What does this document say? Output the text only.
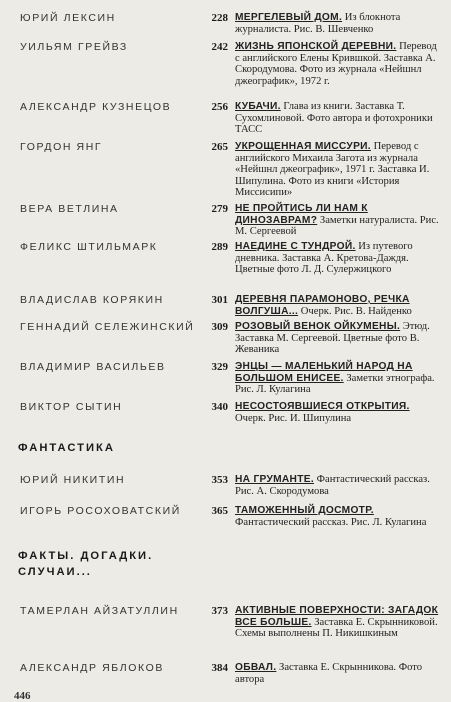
ЮРИЙ ЛЕКСИН	228 МЕРГЕЛЕВЫЙ ДОМ. Из блокнота журналиста. Рис. В. Шевченко
УИЛЬЯМ ГРЕЙВЗ	242 ЖИЗНЬ ЯПОНСКОЙ ДЕРЕВНИ. Перевод с английского Елены Крившкой. Заставка А. Скородумова. Фото из журнала «Нейшнл джеографик», 1972 г.
АЛЕКСАНДР КУЗНЕЦОВ	256 КУБАЧИ. Глава из книги. Заставка Т. Сухомлиновой. Фото автора и фотохроники ТАСС
ГОРДОН ЯНГ	265 УКРОЩЕННАЯ МИССУРИ. Перевод с английского Михаила Загота из журнала «Нейшнл джеографик», 1971 г. Заставка И. Шипулина. Фото из книги «История Миссисипи»
ВЕРА ВЕТЛИНА	279 НЕ ПРОЙТИСЬ ЛИ НАМ К ДИНОЗАВРАМ? Заметки натуралиста. Рис. М. Сергеевой
ФЕЛИКС ШТИЛЬМАРК	289 НАЕДИНЕ С ТУНДРОЙ. Из путевого дневника. Заставка А. Кретова-Даждя. Цветные фото Л. Д. Сулержицкого
ВЛАДИСЛАВ КОРЯКИН	301 ДЕРЕВНЯ ПАРАМОНОВО, РЕЧКА ВОЛГУША... Очерк. Рис. В. Найденко
ГЕННАДИЙ СЕЛЕЖИНСКИЙ	309 РОЗОВЫЙ ВЕНОК ОЙКУМЕНЫ. Этюд. Заставка М. Сергеевой. Цветные фото В. Жеваника
ВЛАДИМИР ВАСИЛЬЕВ	329 ЭНЦЫ — МАЛЕНЬКИЙ НАРОД НА БОЛЬШОМ ЕНИСЕЕ. Заметки этнографа. Рис. Л. Кулагина
ВИКТОР СЫТИН	340 НЕСОСТОЯВШИЕСЯ ОТКРЫТИЯ. Очерк. Рис. И. Шипулина
ФАНТАСТИКА
ЮРИЙ НИКИТИН	353 НА ГРУМАНТЕ. Фантастический рассказ. Рис. А. Скородумова
ИГОРЬ РОСОХОВАТСКИЙ	365 ТАМОЖЕННЫЙ ДОСМОТР. Фантастический рассказ. Рис. Л. Кулагина
ФАКТЫ. ДОГАДКИ. СЛУЧАИ...
ТАМЕРЛАН АЙЗАТУЛЛИН	373 АКТИВНЫЕ ПОВЕРХНОСТИ: ЗАГАДОК ВСЕ БОЛЬШЕ. Заставка Е. Скрынниковой. Схемы выполнены П. Никишкиным
АЛЕКСАНДР ЯБЛОКОВ	384 ОБВАЛ. Заставка Е. Скрынникова. Фото автора
446
